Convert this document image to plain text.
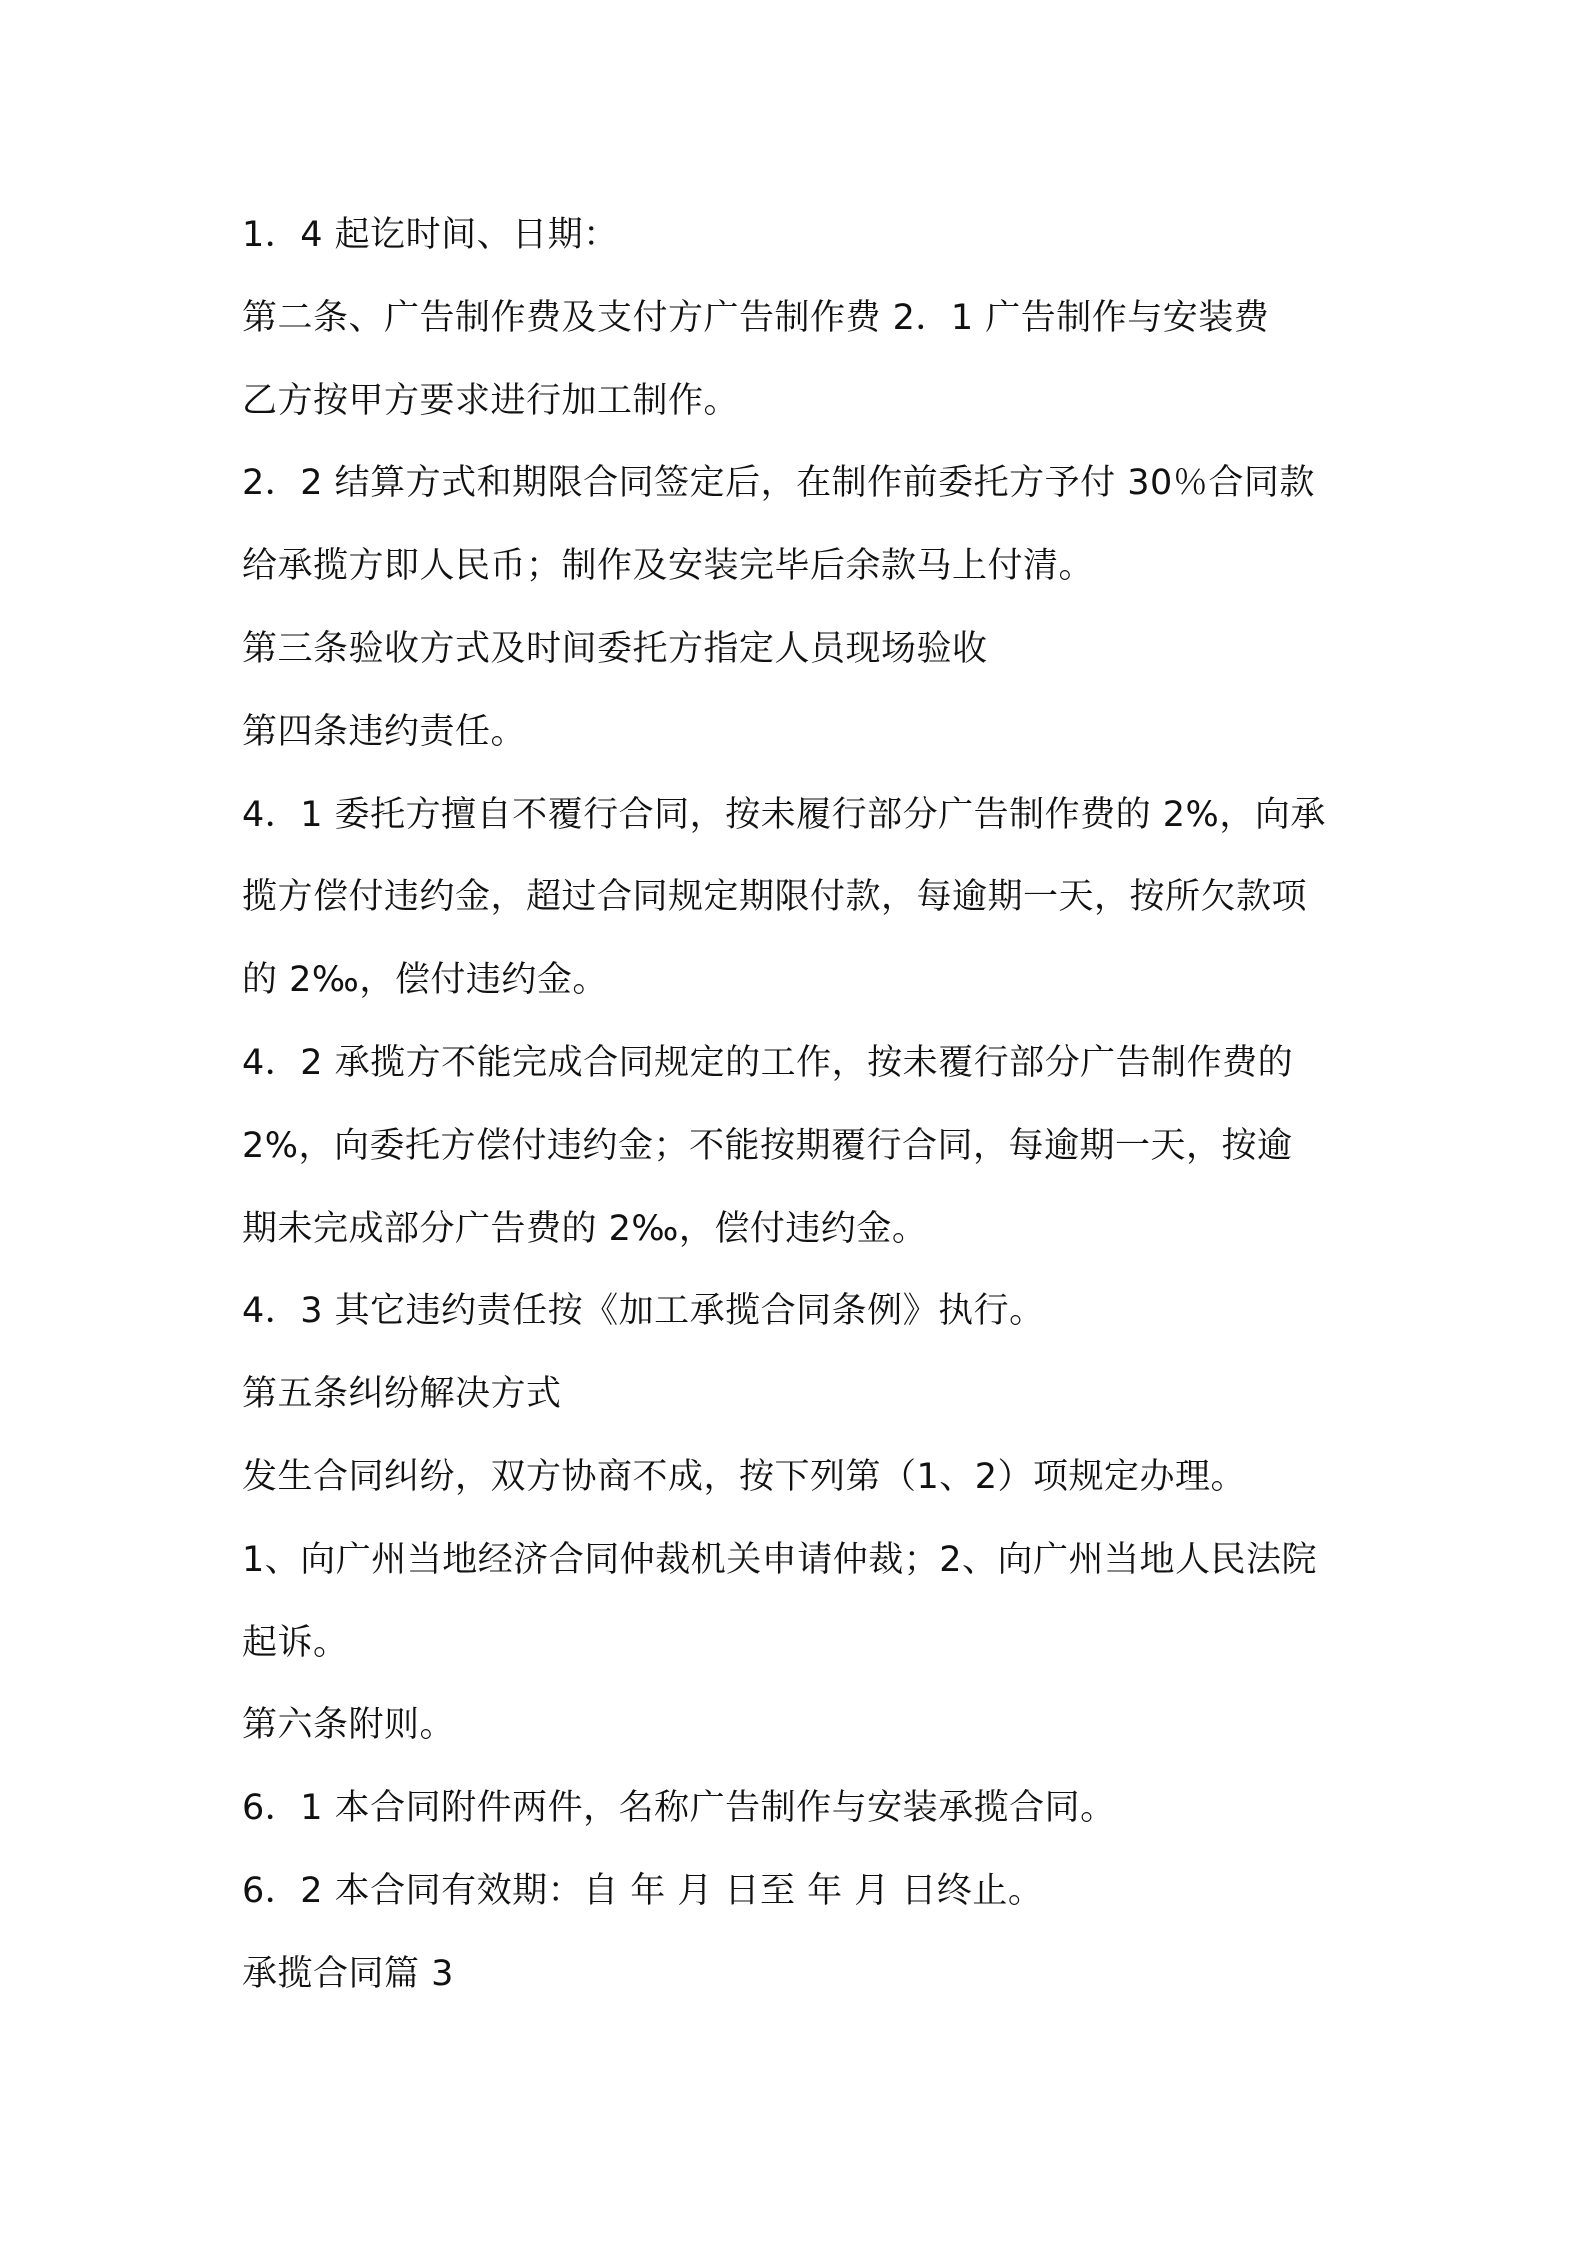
1．4 起讫时间、日期：
第二条、广告制作费及支付方广告制作费 2．1 广告制作与安装费
乙方按甲方要求进行加工制作。
2．2 结算方式和期限合同签定后，在制作前委托方予付 30％合同款
给承揽方即人民币；制作及安装完毕后余款马上付清。
第三条验收方式及时间委托方指定人员现场验收
第四条违约责任。
4．1 委托方擅自不覆行合同，按未履行部分广告制作费的 2%，向承
揽方偿付违约金，超过合同规定期限付款，每逾期一天，按所欠款项
的 2‰，偿付违约金。
4．2 承揽方不能完成合同规定的工作，按未覆行部分广告制作费的
2%，向委托方偿付违约金；不能按期覆行合同，每逾期一天，按逾
期未完成部分广告费的 2‰，偿付违约金。
4．3 其它违约责任按《加工承揽合同条例》执行。
第五条纠纷解决方式
发生合同纠纷，双方协商不成，按下列第（1、2）项规定办理。
1、向广州当地经济合同仲裁机关申请仲裁；2、向广州当地人民法院
起诉。
第六条附则。
6．1 本合同附件两件，名称广告制作与安装承揽合同。
6．2 本合同有效期：自 年 月 日至 年 月 日终止。
承揽合同篇 3
